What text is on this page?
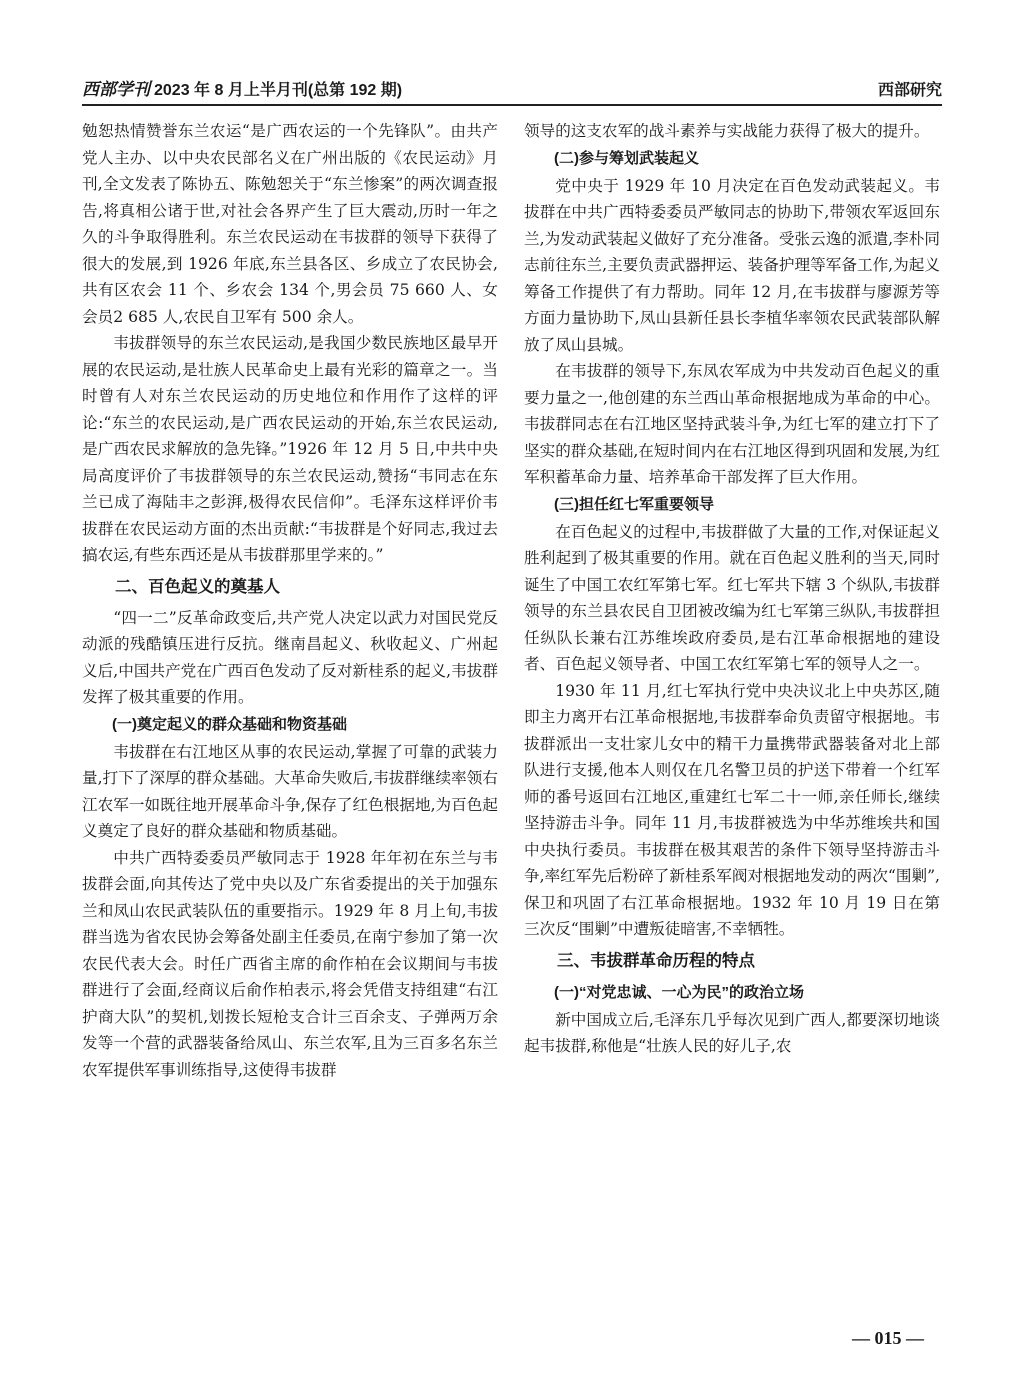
西部学刊 2023 年 8 月上半月刊(总第 192 期)	西部研究

勉恕热情赞誉东兰农运“是广西农运的一个先锋队”。由共产党人主办、以中央农民部名义在广州出版的《农民运动》月刊,全文发表了陈协五、陈勉恕关于“东兰惨案”的两次调查报告,将真相公诸于世,对社会各界产生了巨大震动,历时一年之久的斗争取得胜利。东兰农民运动在韦拔群的领导下获得了很大的发展,到 1926 年底,东兰县各区、乡成立了农民协会,共有区农会 11 个、乡农会 134 个,男会员 75 660 人、女会员2 685 人,农民自卫军有 500 余人。

韦拔群领导的东兰农民运动,是我国少数民族地区最早开展的农民运动,是壮族人民革命史上最有光彩的篇章之一。当时曾有人对东兰农民运动的历史地位和作用作了这样的评论:“东兰的农民运动,是广西农民运动的开始,东兰农民运动,是广西农民求解放的急先锋。”1926 年 12 月 5 日,中共中央局高度评价了韦拔群领导的东兰农民运动,赞扬“韦同志在东兰已成了海陆丰之彭湃,极得农民信仰”。毛泽东这样评价韦拔群在农民运动方面的杰出贡献:“韦拔群是个好同志,我过去搞农运,有些东西还是从韦拔群那里学来的。”

二、百色起义的奠基人

“四一二”反革命政变后,共产党人决定以武力对国民党反动派的残酷镇压进行反抗。继南昌起义、秋收起义、广州起义后,中国共产党在广西百色发动了反对新桂系的起义,韦拔群发挥了极其重要的作用。

(一)奠定起义的群众基础和物资基础

韦拔群在右江地区从事的农民运动,掌握了可靠的武装力量,打下了深厚的群众基础。大革命失败后,韦拔群继续率领右江农军一如既往地开展革命斗争,保存了红色根据地,为百色起义奠定了良好的群众基础和物质基础。

中共广西特委委员严敏同志于 1928 年年初在东兰与韦拔群会面,向其传达了党中央以及广东省委提出的关于加强东兰和凤山农民武装队伍的重要指示。1929 年 8 月上旬,韦拔群当选为省农民协会筹备处副主任委员,在南宁参加了第一次农民代表大会。时任广西省主席的俞作柏在会议期间与韦拔群进行了会面,经商议后俞作柏表示,将会凭借支持组建“右江护商大队”的契机,划拨长短枪支合计三百余支、子弹两万余发等一个营的武器装备给凤山、东兰农军,且为三百多名东兰农军提供军事训练指导,这使得韦拔群

领导的这支农军的战斗素养与实战能力获得了极大的提升。

(二)参与筹划武装起义

党中央于 1929 年 10 月决定在百色发动武装起义。韦拔群在中共广西特委委员严敏同志的协助下,带领农军返回东兰,为发动武装起义做好了充分准备。受张云逸的派遣,李朴同志前往东兰,主要负责武器押运、装备护理等军备工作,为起义筹备工作提供了有力帮助。同年 12 月,在韦拔群与廖源芳等方面力量协助下,凤山县新任县长李植华率领农民武装部队解放了凤山县城。

在韦拔群的领导下,东凤农军成为中共发动百色起义的重要力量之一,他创建的东兰西山革命根据地成为革命的中心。韦拔群同志在右江地区坚持武装斗争,为红七军的建立打下了坚实的群众基础,在短时间内在右江地区得到巩固和发展,为红军积蓄革命力量、培养革命干部发挥了巨大作用。

(三)担任红七军重要领导

在百色起义的过程中,韦拔群做了大量的工作,对保证起义胜利起到了极其重要的作用。就在百色起义胜利的当天,同时诞生了中国工农红军第七军。红七军共下辖 3 个纵队,韦拔群领导的东兰县农民自卫团被改编为红七军第三纵队,韦拔群担任纵队长兼右江苏维埃政府委员,是右江革命根据地的建设者、百色起义领导者、中国工农红军第七军的领导人之一。

1930 年 11 月,红七军执行党中央决议北上中央苏区,随即主力离开右江革命根据地,韦拔群奉命负责留守根据地。韦拔群派出一支壮家儿女中的精干力量携带武器装备对北上部队进行支援,他本人则仅在几名警卫员的护送下带着一个红军师的番号返回右江地区,重建红七军二十一师,亲任师长,继续坚持游击斗争。同年 11 月,韦拔群被选为中华苏维埃共和国中央执行委员。韦拔群在极其艰苦的条件下领导坚持游击斗争,率红军先后粉碎了新桂系军阀对根据地发动的两次“围剿”,保卫和巩固了右江革命根据地。1932 年 10 月 19 日在第三次反“围剿”中遭叛徒暗害,不幸牺牲。

三、韦拔群革命历程的特点
(一)“对党忠诚、一心为民”的政治立场

新中国成立后,毛泽东几乎每次见到广西人,都要深切地谈起韦拔群,称他是“壮族人民的好儿子,农

— 015 —
